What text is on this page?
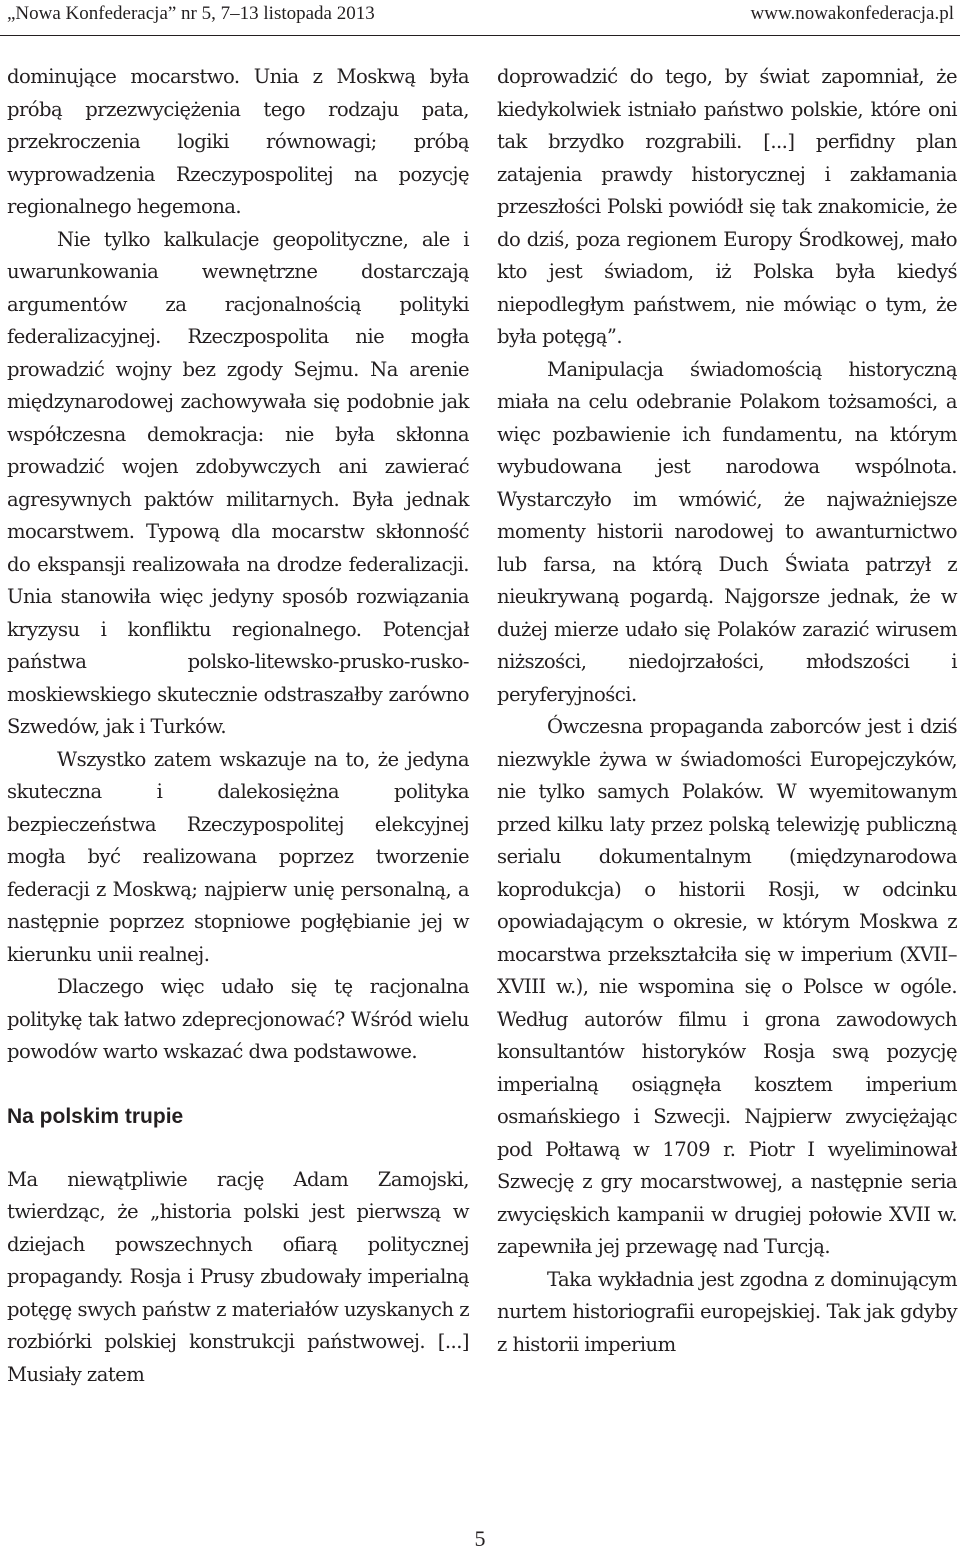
„Nowa Konfederacja” nr 5, 7–13 listopada 2013	www.nowakonfederacja.pl

dominujące mocarstwo. Unia z Moskwą była próbą przezwyciężenia tego rodzaju pata, przekroczenia logiki równowagi; próbą wyprowadzenia Rzeczypospolitej na pozycję regionalnego hegemona.

Nie tylko kalkulacje geopolityczne, ale i uwarunkowania wewnętrzne dostarczają argumentów za racjonalnością polityki federalizacyjnej. Rzeczpospolita nie mogła prowadzić wojny bez zgody Sejmu. Na arenie międzynarodowej zachowywała się podobnie jak współczesna demokracja: nie była skłonna prowadzić wojen zdobywczych ani zawierać agresywnych paktów militarnych. Była jednak mocarstwem. Typową dla mocarstw skłonność do ekspansji realizowała na drodze federalizacji. Unia stanowiła więc jedyny sposób rozwiązania kryzysu i konfliktu regionalnego. Potencjał państwa polsko-litewsko-prusko-rusko-moskiewskiego skutecznie odstraszałby zarówno Szwedów, jak i Turków.

Wszystko zatem wskazuje na to, że jedyna skuteczna i dalekosiężna polityka bezpieczeństwa Rzeczypospolitej elekcyjnej mogła być realizowana poprzez tworzenie federacji z Moskwą; najpierw unię personalną, a następnie poprzez stopniowe pogłębianie jej w kierunku unii realnej.

Dlaczego więc udało się tę racjonalna politykę tak łatwo zdeprecjonować? Wśród wielu powodów warto wskazać dwa podstawowe.

Na polskim trupie

Ma niewątpliwie rację Adam Zamojski, twierdząc, że „historia polski jest pierwszą w dziejach powszechnych ofiarą politycznej propagandy. Rosja i Prusy zbudowały imperialną potęgę swych państw z materiałów uzyskanych z rozbiórki polskiej konstrukcji państwowej. [...] Musiały zatem

doprowadzić do tego, by świat zapomniał, że kiedykolwiek istniało państwo polskie, które oni tak brzydko rozgrabili. [...] perfidny plan zatajenia prawdy historycznej i zakłamania przeszłości Polski powiódł się tak znakomicie, że do dziś, poza regionem Europy Środkowej, mało kto jest świadom, iż Polska była kiedyś niepodległym państwem, nie mówiąc o tym, że była potęgą”.

Manipulacja świadomością historyczną miała na celu odebranie Polakom tożsamości, a więc pozbawienie ich fundamentu, na którym wybudowana jest narodowa wspólnota. Wystarczyło im wmówić, że najważniejsze momenty historii narodowej to awanturnictwo lub farsa, na którą Duch Świata patrzył z nieukrywaną pogardą. Najgorsze jednak, że w dużej mierze udało się Polaków zarazić wirusem niższości, niedojrzałości, młodszości i peryferyjności.

Ówczesna propaganda zaborców jest i dziś niezwykle żywa w świadomości Europejczyków, nie tylko samych Polaków. W wyemitowanym przed kilku laty przez polską telewizję publiczną serialu dokumentalnym (międzynarodowa koprodukcja) o historii Rosji, w odcinku opowiadającym o okresie, w którym Moskwa z mocarstwa przekształciła się w imperium (XVII–XVIII w.), nie wspomina się o Polsce w ogóle. Według autorów filmu i grona zawodowych konsultantów historyków Rosja swą pozycję imperialną osiągnęła kosztem imperium osmańskiego i Szwecji. Najpierw zwyciężając pod Połtawą w 1709 r. Piotr I wyeliminował Szwecję z gry mocarstwowej, a następnie seria zwycięskich kampanii w drugiej połowie XVII w. zapewniła jej przewagę nad Turcją.

Taka wykładnia jest zgodna z dominującym nurtem historiografii europejskiej. Tak jak gdyby z historii imperium

5
